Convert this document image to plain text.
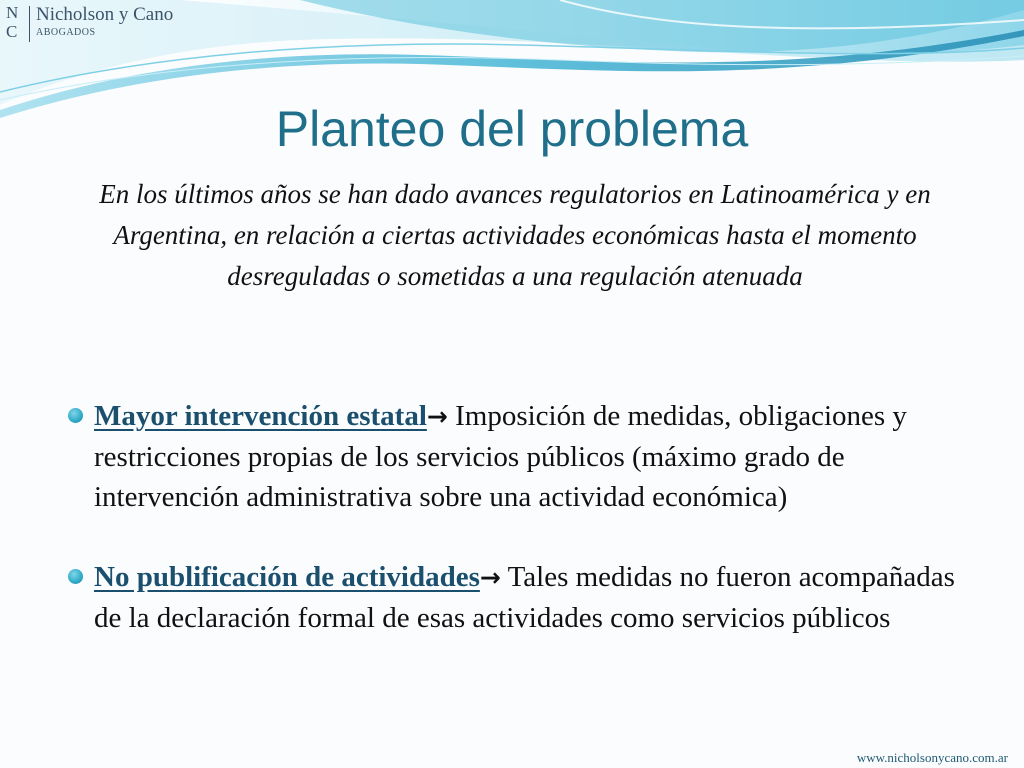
N
C
Nicholson y Cano
ABOGADOS
Planteo del problema
En los últimos años se han dado avances regulatorios en Latinoamérica y en Argentina, en relación a ciertas actividades económicas hasta el momento desreguladas o sometidas a una regulación atenuada
Mayor intervención estatal→ Imposición de medidas, obligaciones y restricciones propias de los servicios públicos (máximo grado de intervención administrativa sobre una actividad económica)
No publificación de actividades→ Tales medidas no fueron acompañadas de la declaración formal de esas actividades como servicios públicos
www.nicholsonycano.com.ar
